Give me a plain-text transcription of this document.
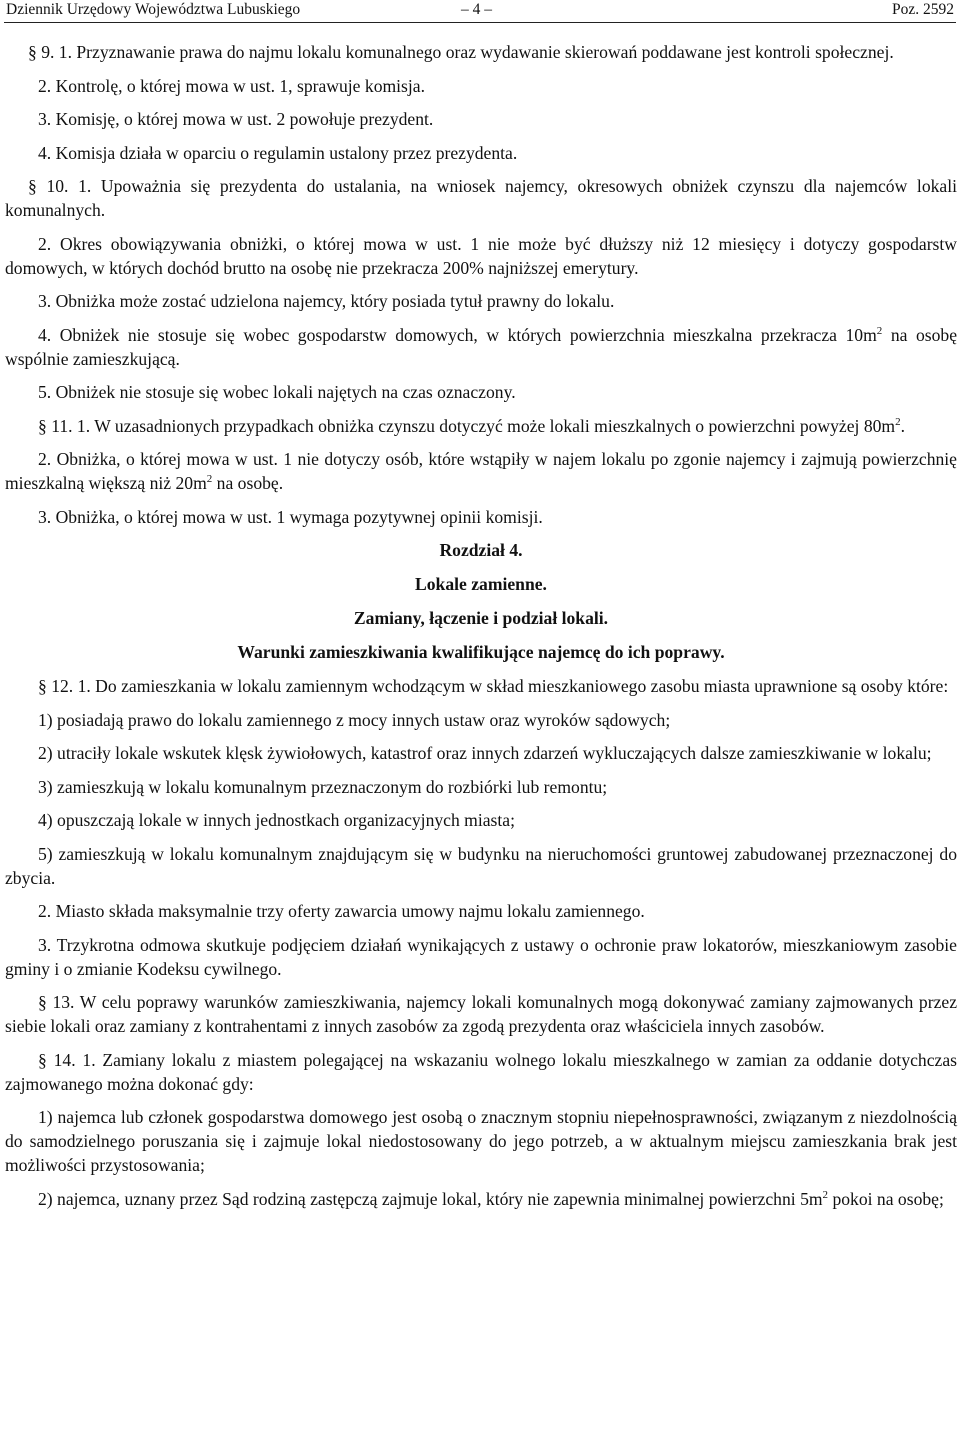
Dziennik Urzędowy Województwa Lubuskiego	– 4 –	Poz. 2592

§ 9. 1. Przyznawanie prawa do najmu lokalu komunalnego oraz wydawanie skierowań poddawane jest kontroli społecznej.

2. Kontrolę, o której mowa w ust. 1, sprawuje komisja.

3. Komisję, o której mowa w ust. 2 powołuje prezydent.

4. Komisja działa w oparciu o regulamin ustalony przez prezydenta.

§ 10. 1. Upoważnia się prezydenta do ustalania, na wniosek najemcy, okresowych obniżek czynszu dla najemców lokali komunalnych.

2. Okres obowiązywania obniżki, o której mowa w ust. 1 nie może być dłuższy niż 12 miesięcy i dotyczy gospodarstw domowych, w których dochód brutto na osobę nie przekracza 200% najniższej emerytury.

3. Obniżka może zostać udzielona najemcy, który posiada tytuł prawny do lokalu.

4. Obniżek nie stosuje się wobec gospodarstw domowych, w których powierzchnia mieszkalna przekracza $10m^2$ na osobę wspólnie zamieszkującą.

5. Obniżek nie stosuje się wobec lokali najętych na czas oznaczony.

§ 11. 1. W uzasadnionych przypadkach obniżka czynszu dotyczyć może lokali mieszkalnych o powierzchni powyżej $80m^2$.

2. Obniżka, o której mowa w ust. 1 nie dotyczy osób, które wstąpiły w najem lokalu po zgonie najemcy i zajmują powierzchnię mieszkalną większą niż $20m^2$ na osobę.

3. Obniżka, o której mowa w ust. 1 wymaga pozytywnej opinii komisji.

Rozdział 4.

Lokale zamienne.

Zamiany, łączenie i podział lokali.

Warunki zamieszkiwania kwalifikujące najemcę do ich poprawy.

§ 12. 1. Do zamieszkania w lokalu zamiennym wchodzącym w skład mieszkaniowego zasobu miasta uprawnione są osoby które:

1) posiadają prawo do lokalu zamiennego z mocy innych ustaw oraz wyroków sądowych;

2) utraciły lokale wskutek klęsk żywiołowych, katastrof oraz innych zdarzeń wykluczających dalsze zamieszkiwanie w lokalu;

3) zamieszkują w lokalu komunalnym przeznaczonym do rozbiórki lub remontu;

4) opuszczają lokale w innych jednostkach organizacyjnych miasta;

5) zamieszkują w lokalu komunalnym znajdującym się w budynku na nieruchomości gruntowej zabudowanej przeznaczonej do zbycia.

2. Miasto składa maksymalnie trzy oferty zawarcia umowy najmu lokalu zamiennego.

3. Trzykrotna odmowa skutkuje podjęciem działań wynikających z ustawy o ochronie praw lokatorów, mieszkaniowym zasobie gminy i o zmianie Kodeksu cywilnego.

§ 13. W celu poprawy warunków zamieszkiwania, najemcy lokali komunalnych mogą dokonywać zamiany zajmowanych przez siebie lokali oraz zamiany z kontrahentami z innych zasobów za zgodą prezydenta oraz właściciela innych zasobów.

§ 14. 1. Zamiany lokalu z miastem polegającej na wskazaniu wolnego lokalu mieszkalnego w zamian za oddanie dotychczas zajmowanego można dokonać gdy:

1) najemca lub członek gospodarstwa domowego jest osobą o znacznym stopniu niepełnosprawności, związanym z niezdolnością do samodzielnego poruszania się i zajmuje lokal niedostosowany do jego potrzeb, a w aktualnym miejscu zamieszkania brak jest możliwości przystosowania;

2) najemca, uznany przez Sąd rodziną zastępczą zajmuje lokal, który nie zapewnia minimalnej powierzchni $5m^2$ pokoi na osobę;
